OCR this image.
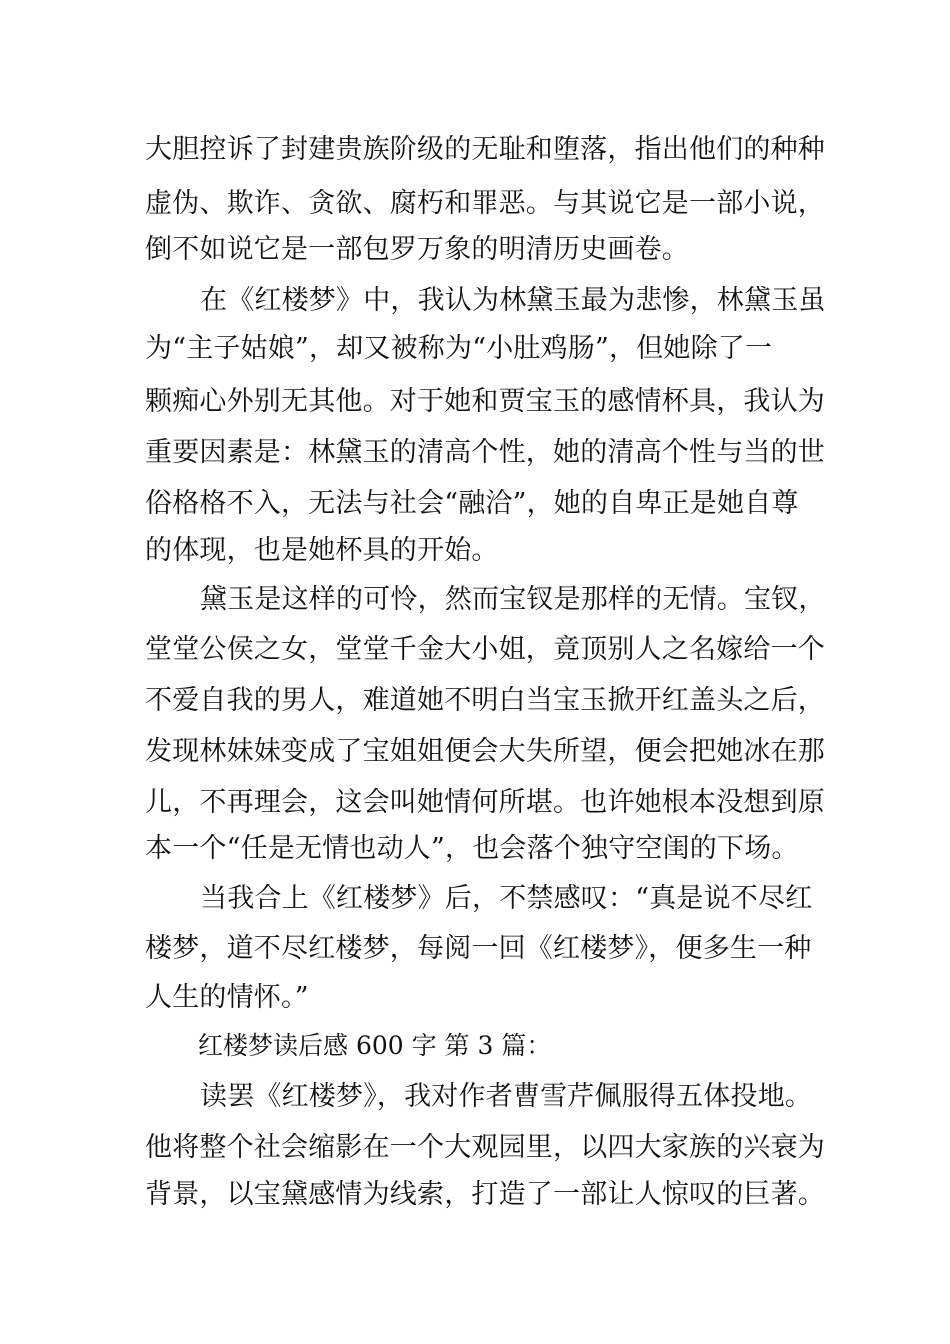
大胆控诉了封建贵族阶级的无耻和堕落，指出他们的种种
虚伪、欺诈、贪欲、腐朽和罪恶。与其说它是一部小说，
倒不如说它是一部包罗万象的明清历史画卷。
在《红楼梦》中，我认为林黛玉最为悲惨，林黛玉虽
为“主子姑娘”，却又被称为“小肚鸡肠”，但她除了一
颗痴心外别无其他。对于她和贾宝玉的感情杯具，我认为
重要因素是：林黛玉的清高个性，她的清高个性与当的世
俗格格不入，无法与社会“融洽”，她的自卑正是她自尊
的体现，也是她杯具的开始。
黛玉是这样的可怜，然而宝钗是那样的无情。宝钗，
堂堂公侯之女，堂堂千金大小姐，竟顶别人之名嫁给一个
不爱自我的男人，难道她不明白当宝玉掀开红盖头之后，
发现林妹妹变成了宝姐姐便会大失所望，便会把她冰在那
儿，不再理会，这会叫她情何所堪。也许她根本没想到原
本一个“任是无情也动人”，也会落个独守空闺的下场。
当我合上《红楼梦》后，不禁感叹：“真是说不尽红
楼梦，道不尽红楼梦，每阅一回《红楼梦》，便多生一种
人生的情怀。”
红楼梦读后感 600 字 第 3 篇：
读罢《红楼梦》，我对作者曹雪芹佩服得五体投地。
他将整个社会缩影在一个大观园里，以四大家族的兴衰为
背景，以宝黛感情为线索，打造了一部让人惊叹的巨著。
